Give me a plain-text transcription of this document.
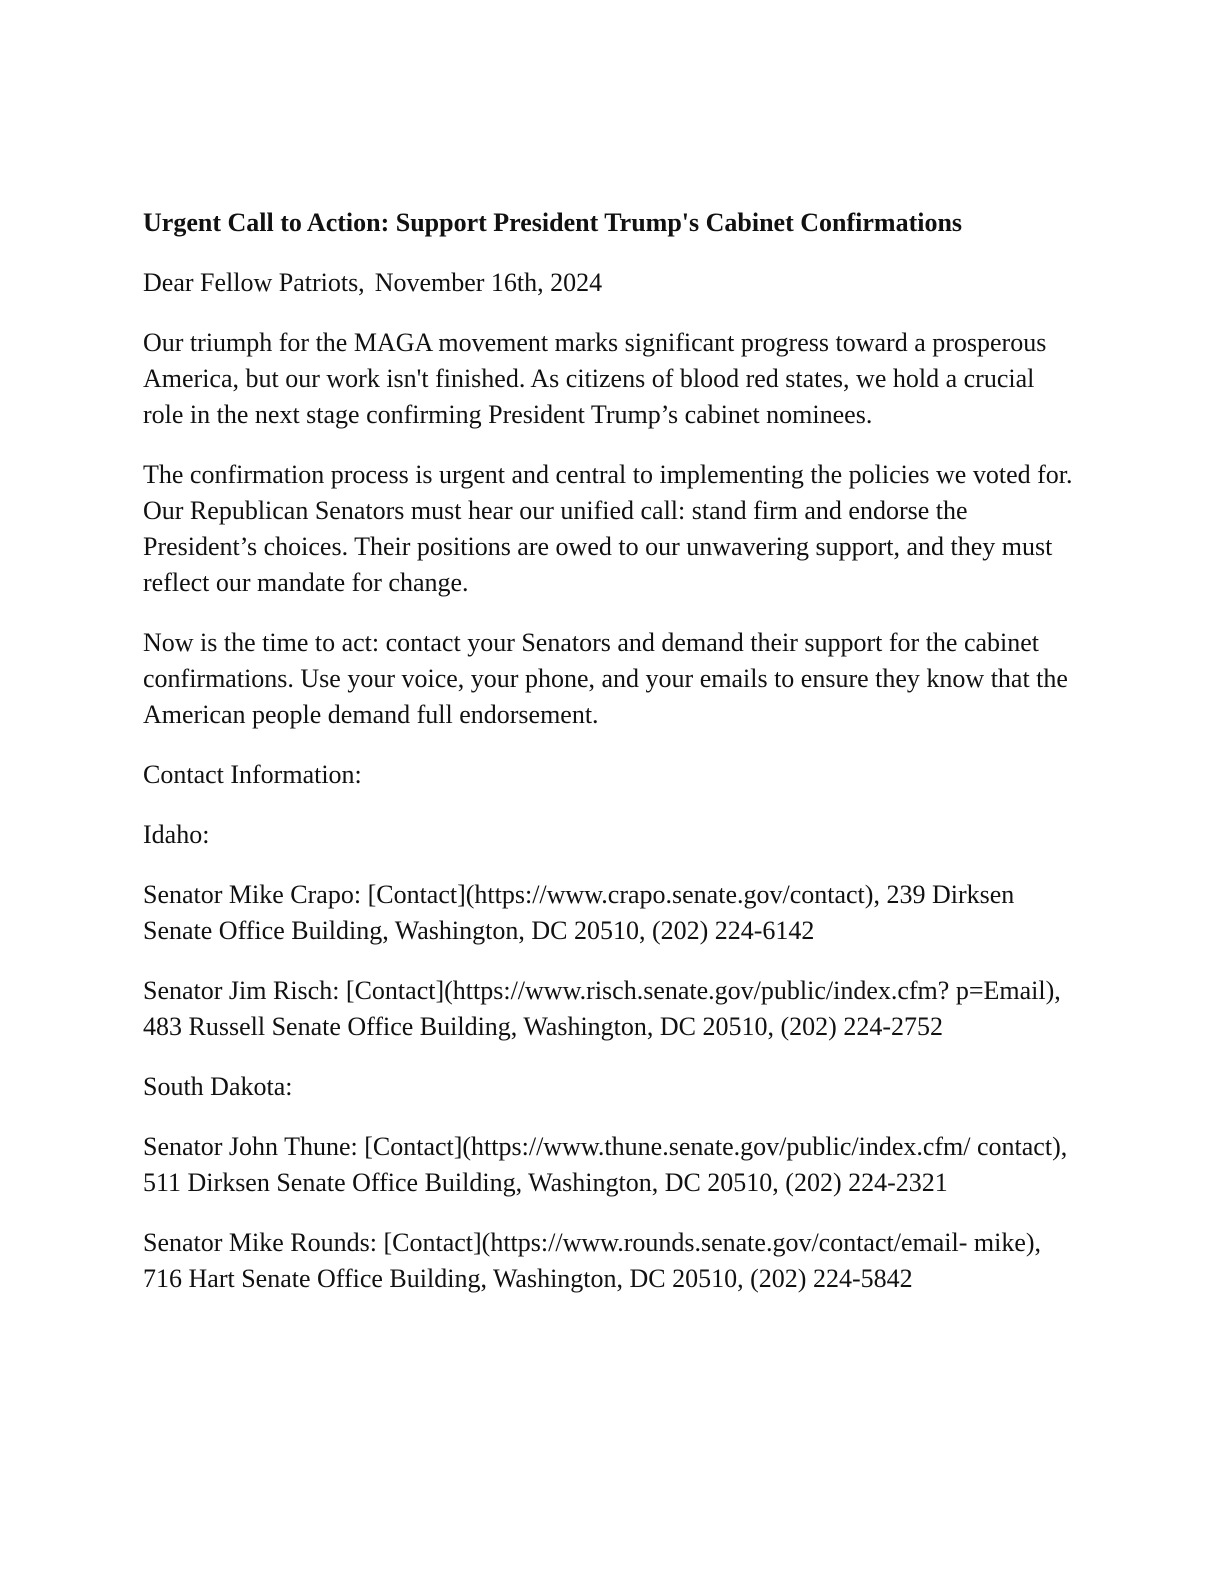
Urgent Call to Action: Support President Trump's Cabinet Confirmations

Dear Fellow Patriots, November 16th, 2024

Our triumph for the MAGA movement marks significant progress toward a prosperous America, but our work isn't finished. As citizens of blood red states, we hold a crucial role in the next stage confirming President Trump’s cabinet nominees.

The confirmation process is urgent and central to implementing the policies we voted for. Our Republican Senators must hear our unified call: stand firm and endorse the President’s choices. Their positions are owed to our unwavering support, and they must reflect our mandate for change.

Now is the time to act: contact your Senators and demand their support for the cabinet confirmations. Use your voice, your phone, and your emails to ensure they know that the American people demand full endorsement.

Contact Information:

Idaho:

Senator Mike Crapo: [Contact](https://www.crapo.senate.gov/contact), 239 Dirksen Senate Office Building, Washington, DC 20510, (202) 224-6142

Senator Jim Risch: [Contact](https://www.risch.senate.gov/public/index.cfm? p=Email), 483 Russell Senate Office Building, Washington, DC 20510, (202) 224-2752

South Dakota:

Senator John Thune: [Contact](https://www.thune.senate.gov/public/index.cfm/ contact), 511 Dirksen Senate Office Building, Washington, DC 20510, (202) 224-2321

Senator Mike Rounds: [Contact](https://www.rounds.senate.gov/contact/email- mike), 716 Hart Senate Office Building, Washington, DC 20510, (202) 224-5842
